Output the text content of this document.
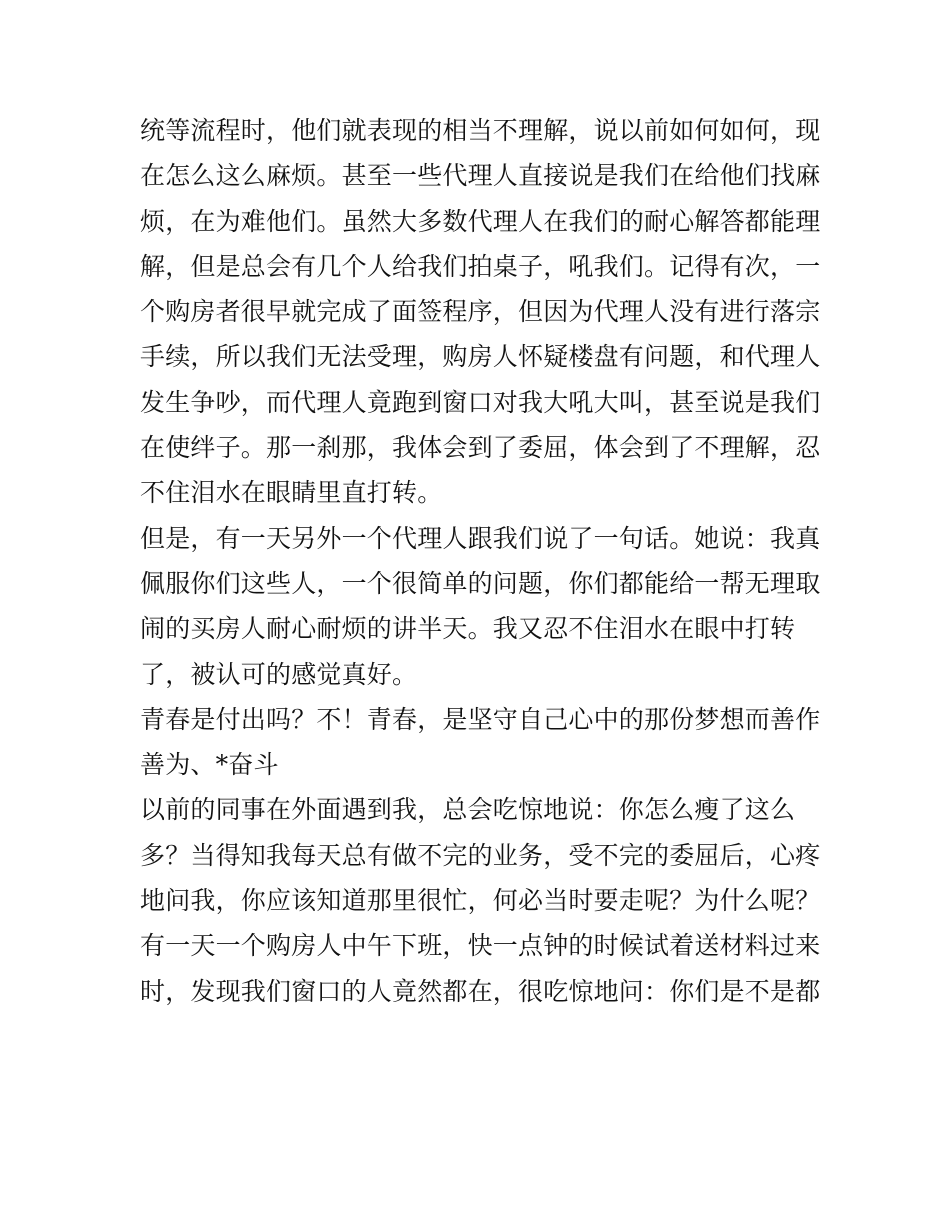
统等流程时，他们就表现的相当不理解，说以前如何如何，现
在怎么这么麻烦。甚至一些代理人直接说是我们在给他们找麻
烦，在为难他们。虽然大多数代理人在我们的耐心解答都能理
解，但是总会有几个人给我们拍桌子，吼我们。记得有次，一
个购房者很早就完成了面签程序，但因为代理人没有进行落宗
手续，所以我们无法受理，购房人怀疑楼盘有问题，和代理人
发生争吵，而代理人竟跑到窗口对我大吼大叫，甚至说是我们
在使绊子。那一刹那，我体会到了委屈，体会到了不理解，忍
不住泪水在眼睛里直打转。
但是，有一天另外一个代理人跟我们说了一句话。她说：我真
佩服你们这些人，一个很简单的问题，你们都能给一帮无理取
闹的买房人耐心耐烦的讲半天。我又忍不住泪水在眼中打转
了，被认可的感觉真好。
青春是付出吗？不！青春，是坚守自己心中的那份梦想而善作
善为、*奋斗
以前的同事在外面遇到我，总会吃惊地说：你怎么瘦了这么
多？当得知我每天总有做不完的业务，受不完的委屈后，心疼
地问我，你应该知道那里很忙，何必当时要走呢？为什么呢？
有一天一个购房人中午下班，快一点钟的时候试着送材料过来
时，发现我们窗口的人竟然都在，很吃惊地问：你们是不是都
